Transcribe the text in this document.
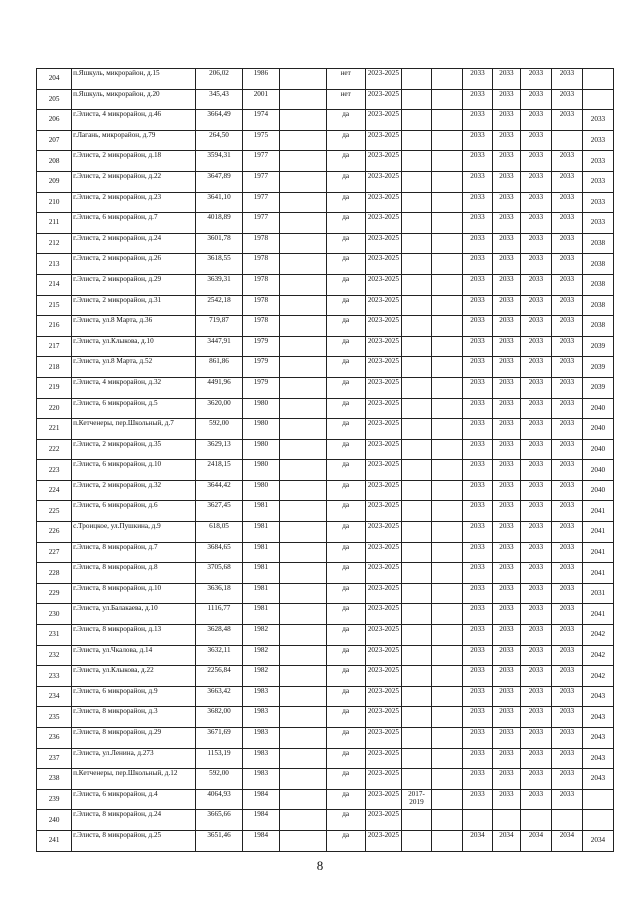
204	п.Яшкуль, микрорайон, д.15	206,02	1986		нет	2023-2025			2033	2033	2033	2033	
205	п.Яшкуль, микрорайон, д.20	345,43	2001		нет	2023-2025			2033	2033	2033	2033	
206	г.Элиста, 4 микрорайон, д.46	3664,49	1974		да	2023-2025			2033	2033	2033	2033	2033
207	г.Лагань, микрорайон, д.79	264,50	1975		да	2023-2025			2033	2033	2033		2033
208	г.Элиста, 2 микрорайон, д.18	3594,31	1977		да	2023-2025			2033	2033	2033	2033	2033
209	г.Элиста, 2 микрорайон, д.22	3647,89	1977		да	2023-2025			2033	2033	2033	2033	2033
210	г.Элиста, 2 микрорайон, д.23	3641,10	1977		да	2023-2025			2033	2033	2033	2033	2033
211	г.Элиста, 6 микрорайон, д.7	4018,89	1977		да	2023-2025			2033	2033	2033	2033	2033
212	г.Элиста, 2 микрорайон, д.24	3601,78	1978		да	2023-2025			2033	2033	2033	2033	2038
213	г.Элиста, 2 микрорайон, д.26	3618,55	1978		да	2023-2025			2033	2033	2033	2033	2038
214	г.Элиста, 2 микрорайон, д.29	3639,31	1978		да	2023-2025			2033	2033	2033	2033	2038
215	г.Элиста, 2 микрорайон, д.31	2542,18	1978		да	2023-2025			2033	2033	2033	2033	2038
216	г.Элиста, ул.8 Марта, д.36	719,87	1978		да	2023-2025			2033	2033	2033	2033	2038
217	г.Элиста, ул.Клыкова, д.10	3447,91	1979		да	2023-2025			2033	2033	2033	2033	2039
218	г.Элиста, ул.8 Марта, д.52	861,86	1979		да	2023-2025			2033	2033	2033	2033	2039
219	г.Элиста, 4 микрорайон, д.32	4491,96	1979		да	2023-2025			2033	2033	2033	2033	2039
220	г.Элиста, 6 микрорайон, д.5	3620,00	1980		да	2023-2025			2033	2033	2033	2033	2040
221	п.Кетченеры, пер.Школьный, д.7	592,00	1980		да	2023-2025			2033	2033	2033	2033	2040
222	г.Элиста, 2 микрорайон, д.35	3629,13	1980		да	2023-2025			2033	2033	2033	2033	2040
223	г.Элиста, 6 микрорайон, д.10	2418,15	1980		да	2023-2025			2033	2033	2033	2033	2040
224	г.Элиста, 2 микрорайон, д.32	3644,42	1980		да	2023-2025			2033	2033	2033	2033	2040
225	г.Элиста, 6 микрорайон, д.6	3627,45	1981		да	2023-2025			2033	2033	2033	2033	2041
226	с.Троицкое, ул.Пушкина, д.9	618,05	1981		да	2023-2025			2033	2033	2033	2033	2041
227	г.Элиста, 8 микрорайон, д.7	3684,65	1981		да	2023-2025			2033	2033	2033	2033	2041
228	г.Элиста, 8 микрорайон, д.8	3705,68	1981		да	2023-2025			2033	2033	2033	2033	2041
229	г.Элиста, 8 микрорайон, д.10	3636,18	1981		да	2023-2025			2033	2033	2033	2033	2031
230	г.Элиста, ул.Балакаева, д.10	1116,77	1981		да	2023-2025			2033	2033	2033	2033	2041
231	г.Элиста, 8 микрорайон, д.13	3628,48	1982		да	2023-2025			2033	2033	2033	2033	2042
232	г.Элиста, ул.Чкалова, д.14	3632,11	1982		да	2023-2025			2033	2033	2033	2033	2042
233	г.Элиста, ул.Клыкова, д.22	2256,84	1982		да	2023-2025			2033	2033	2033	2033	2042
234	г.Элиста, 6 микрорайон, д.9	3663,42	1983		да	2023-2025			2033	2033	2033	2033	2043
235	г.Элиста, 8 микрорайон, д.3	3682,00	1983		да	2023-2025			2033	2033	2033	2033	2043
236	г.Элиста, 8 микрорайон, д.29	3671,69	1983		да	2023-2025			2033	2033	2033	2033	2043
237	г.Элиста, ул.Ленина, д.273	1153,19	1983		да	2023-2025			2033	2033	2033	2033	2043
238	п.Кетченеры, пер.Школьный, д.12	592,00	1983		да	2023-2025			2033	2033	2033	2033	2043
239	г.Элиста, 6 микрорайон, д.4	4064,93	1984		да	2023-2025	2017-2019		2033	2033	2033	2033	
240	г.Элиста, 8 микрорайон, д.24	3665,66	1984		да	2023-2025							
241	г.Элиста, 8 микрорайон, д.25	3651,46	1984		да	2023-2025			2034	2034	2034	2034	2034
8
